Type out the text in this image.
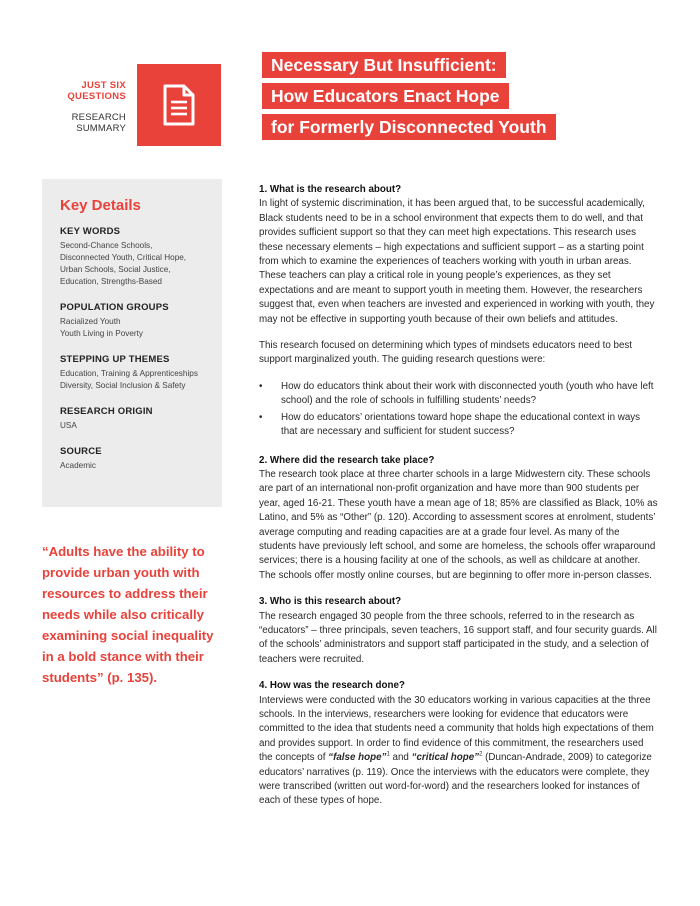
JUST SIX
QUESTIONS
RESEARCH
SUMMARY
Necessary But Insufficient:
How Educators Enact Hope
for Formerly Disconnected Youth
Key Details
KEY WORDS
Second-Chance Schools, Disconnected Youth, Critical Hope, Urban Schools, Social Justice, Education, Strengths-Based
POPULATION GROUPS
Racialized Youth
Youth Living in Poverty
STEPPING UP THEMES
Education, Training & Apprenticeships
Diversity, Social Inclusion & Safety
RESEARCH ORIGIN
USA
SOURCE
Academic
“Adults have the ability to provide urban youth with resources to address their needs while also critically examining social inequality in a bold stance with their students” (p. 135).
1. What is the research about?

In light of systemic discrimination, it has been argued that, to be successful academically, Black students need to be in a school environment that expects them to do well, and that provides sufficient support so that they can meet high expectations. This research uses these necessary elements – high expectations and sufficient support – as a starting point from which to examine the experiences of teachers working with youth in urban areas. These teachers can play a critical role in young people’s experiences, as they set expectations and are meant to support youth in meeting them. However, the researchers suggest that, even when teachers are invested and experienced in working with youth, they may not be effective in supporting youth because of their own beliefs and attitudes.

This research focused on determining which types of mindsets educators need to best support marginalized youth. The guiding research questions were:

• How do educators think about their work with disconnected youth (youth who have left school) and the role of schools in fulfilling students’ needs?
• How do educators’ orientations toward hope shape the educational context in ways that are necessary and sufficient for student success?
2. Where did the research take place?

The research took place at three charter schools in a large Midwestern city. These schools are part of an international non-profit organization and have more than 900 students per year, aged 16-21. These youth have a mean age of 18; 85% are classified as Black, 10% as Latino, and 5% as “Other” (p. 120). According to assessment scores at enrolment, students’ average computing and reading capacities are at a grade four level. As many of the students have previously left school, and some are homeless, the schools offer wraparound services; there is a housing facility at one of the schools, as well as childcare at another. The schools offer mostly online courses, but are beginning to offer more in-person classes.

3. Who is this research about?

The research engaged 30 people from the three schools, referred to in the research as “educators” – three principals, seven teachers, 16 support staff, and four security guards. All of the schools’ administrators and support staff participated in the study, and a selection of teachers were recruited.

4. How was the research done?

Interviews were conducted with the 30 educators working in various capacities at the three schools. In the interviews, researchers were looking for evidence that educators were committed to the idea that students need a community that holds high expectations of them and provides support. In order to find evidence of this commitment, the researchers used the concepts of “false hope”$^1$ and “critical hope”$^2$ (Duncan-Andrade, 2009) to categorize educators’ narratives (p. 119). Once the interviews with the educators were complete, they were transcribed (written out word-for-word) and the researchers looked for instances of each of these types of hope.
